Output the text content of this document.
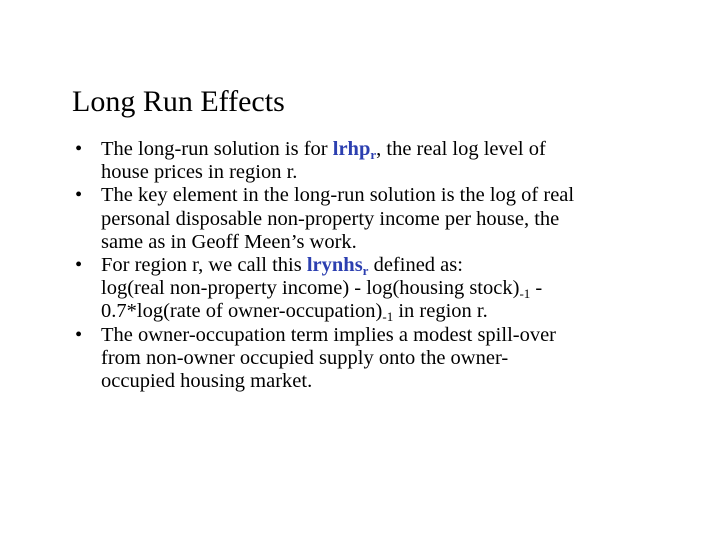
Long Run Effects
• The long-run solution is for lrhp$_r$, the real log level of
house prices in region r.
• The key element in the long-run solution is the log of real
personal disposable non-property income per house, the
same as in Geoff Meen’s work.
• For region r, we call this lrynhs$_r$ defined as:
log(real non-property income) - log(housing $stock)_{-1}$ -
0.7*log(rate of owner-$occupation)_{-1}$ in region r.
• The owner-occupation term implies a modest spill-over
from non-owner occupied supply onto the owner-
occupied housing market.
